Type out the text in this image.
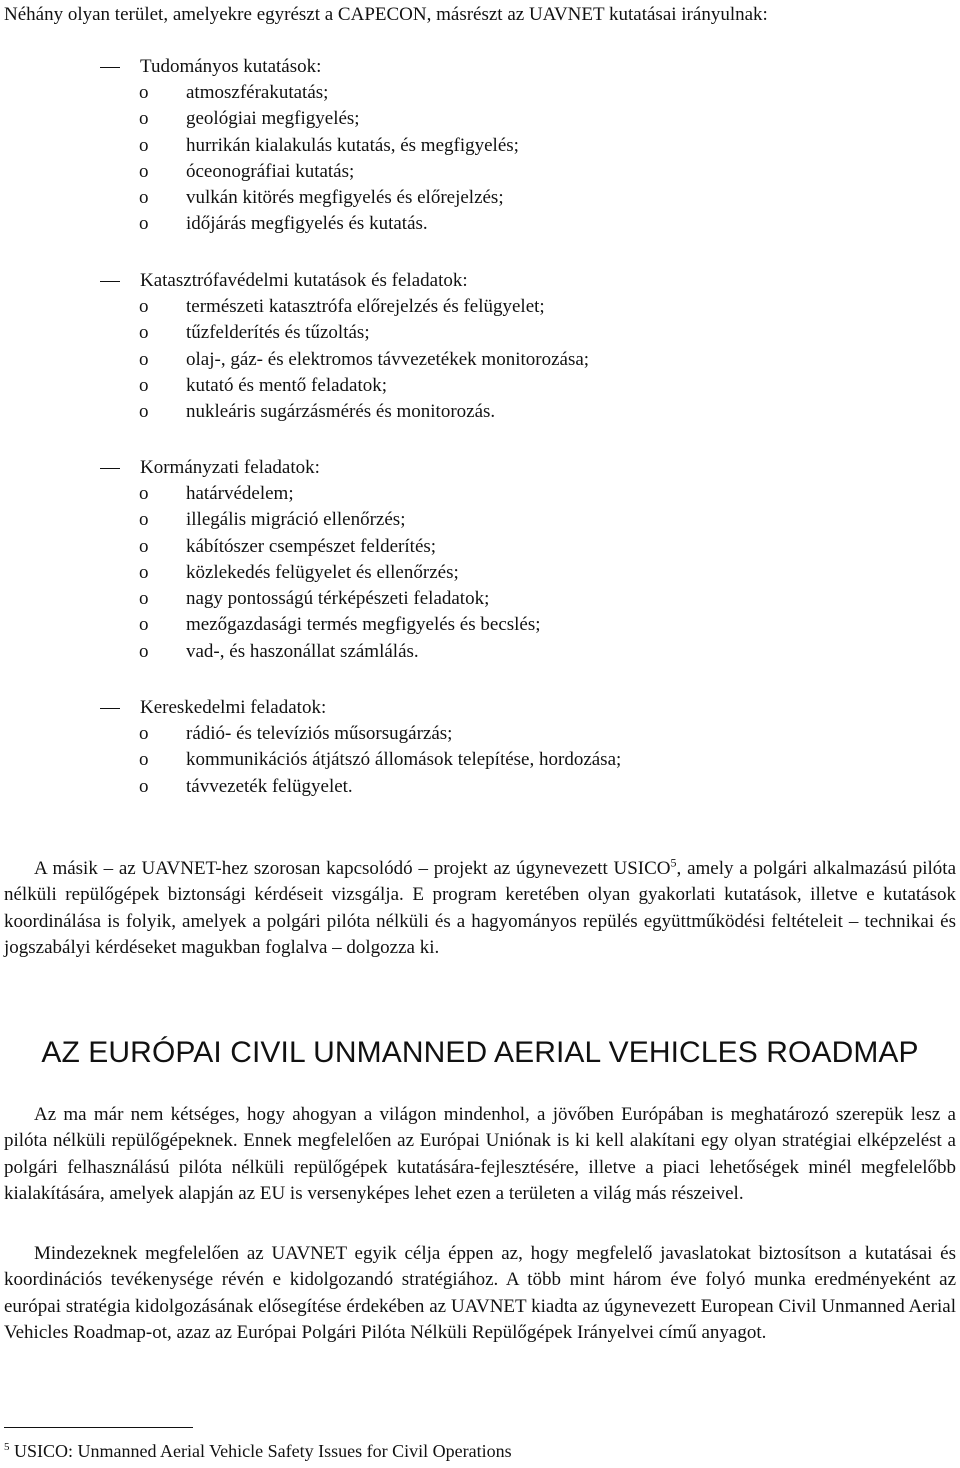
Néhány olyan terület, amelyekre egyrészt a CAPECON, másrészt az UAVNET kutatásai irányulnak:

Tudományos kutatások:
o atmoszférakutatás;
o geológiai megfigyelés;
o hurrikán kialakulás kutatás, és megfigyelés;
o óceonográfiai kutatás;
o vulkán kitörés megfigyelés és előrejelzés;
o időjárás megfigyelés és kutatás.
Katasztrófavédelmi kutatások és feladatok:
o természeti katasztrófa előrejelzés és felügyelet;
o tűzfelderítés és tűzoltás;
o olaj-, gáz- és elektromos távvezetékek monitorozása;
o kutató és mentő feladatok;
o nukleáris sugárzásmérés és monitorozás.
Kormányzati feladatok:
o határvédelem;
o illegális migráció ellenőrzés;
o kábítószer csempészet felderítés;
o közlekedés felügyelet és ellenőrzés;
o nagy pontosságú térképészeti feladatok;
o mezőgazdasági termés megfigyelés és becslés;
o vad-, és haszonállat számlálás.
Kereskedelmi feladatok:
o rádió- és televíziós műsorsugárzás;
o kommunikációs átjátszó állomások telepítése, hordozása;
o távvezeték felügyelet.

A másik – az UAVNET-hez szorosan kapcsolódó – projekt az úgynevezett USICO$^5$, amely a polgári alkalmazású pilóta nélküli repülőgépek biztonsági kérdéseit vizsgálja. E program keretében olyan gyakorlati kutatások, illetve e kutatások koordinálása is folyik, amelyek a polgári pilóta nélküli és a hagyományos repülés együttműködési feltételeit – technikai és jogszabályi kérdéseket magukban foglalva – dolgozza ki.

AZ EURÓPAI CIVIL UNMANNED AERIAL VEHICLES ROADMAP

Az ma már nem kétséges, hogy ahogyan a világon mindenhol, a jövőben Európában is meghatározó szerepük lesz a pilóta nélküli repülőgépeknek. Ennek megfelelően az Európai Uniónak is ki kell alakítani egy olyan stratégiai elképzelést a polgári felhasználású pilóta nélküli repülőgépek kutatására-fejlesztésére, illetve a piaci lehetőségek minél megfelelőbb kialakítására, amelyek alapján az EU is versenyképes lehet ezen a területen a világ más részeivel.

Mindezeknek megfelelően az UAVNET egyik célja éppen az, hogy megfelelő javaslatokat biztosítson a kutatásai és koordinációs tevékenysége révén e kidolgozandó stratégiához. A több mint három éve folyó munka eredményeként az európai stratégia kidolgozásának elősegítése érdekében az UAVNET kiadta az úgynevezett European Civil Unmanned Aerial Vehicles Roadmap-ot, azaz az Európai Polgári Pilóta Nélküli Repülőgépek Irányelvei című anyagot.

$^5$ USICO: Unmanned Aerial Vehicle Safety Issues for Civil Operations
